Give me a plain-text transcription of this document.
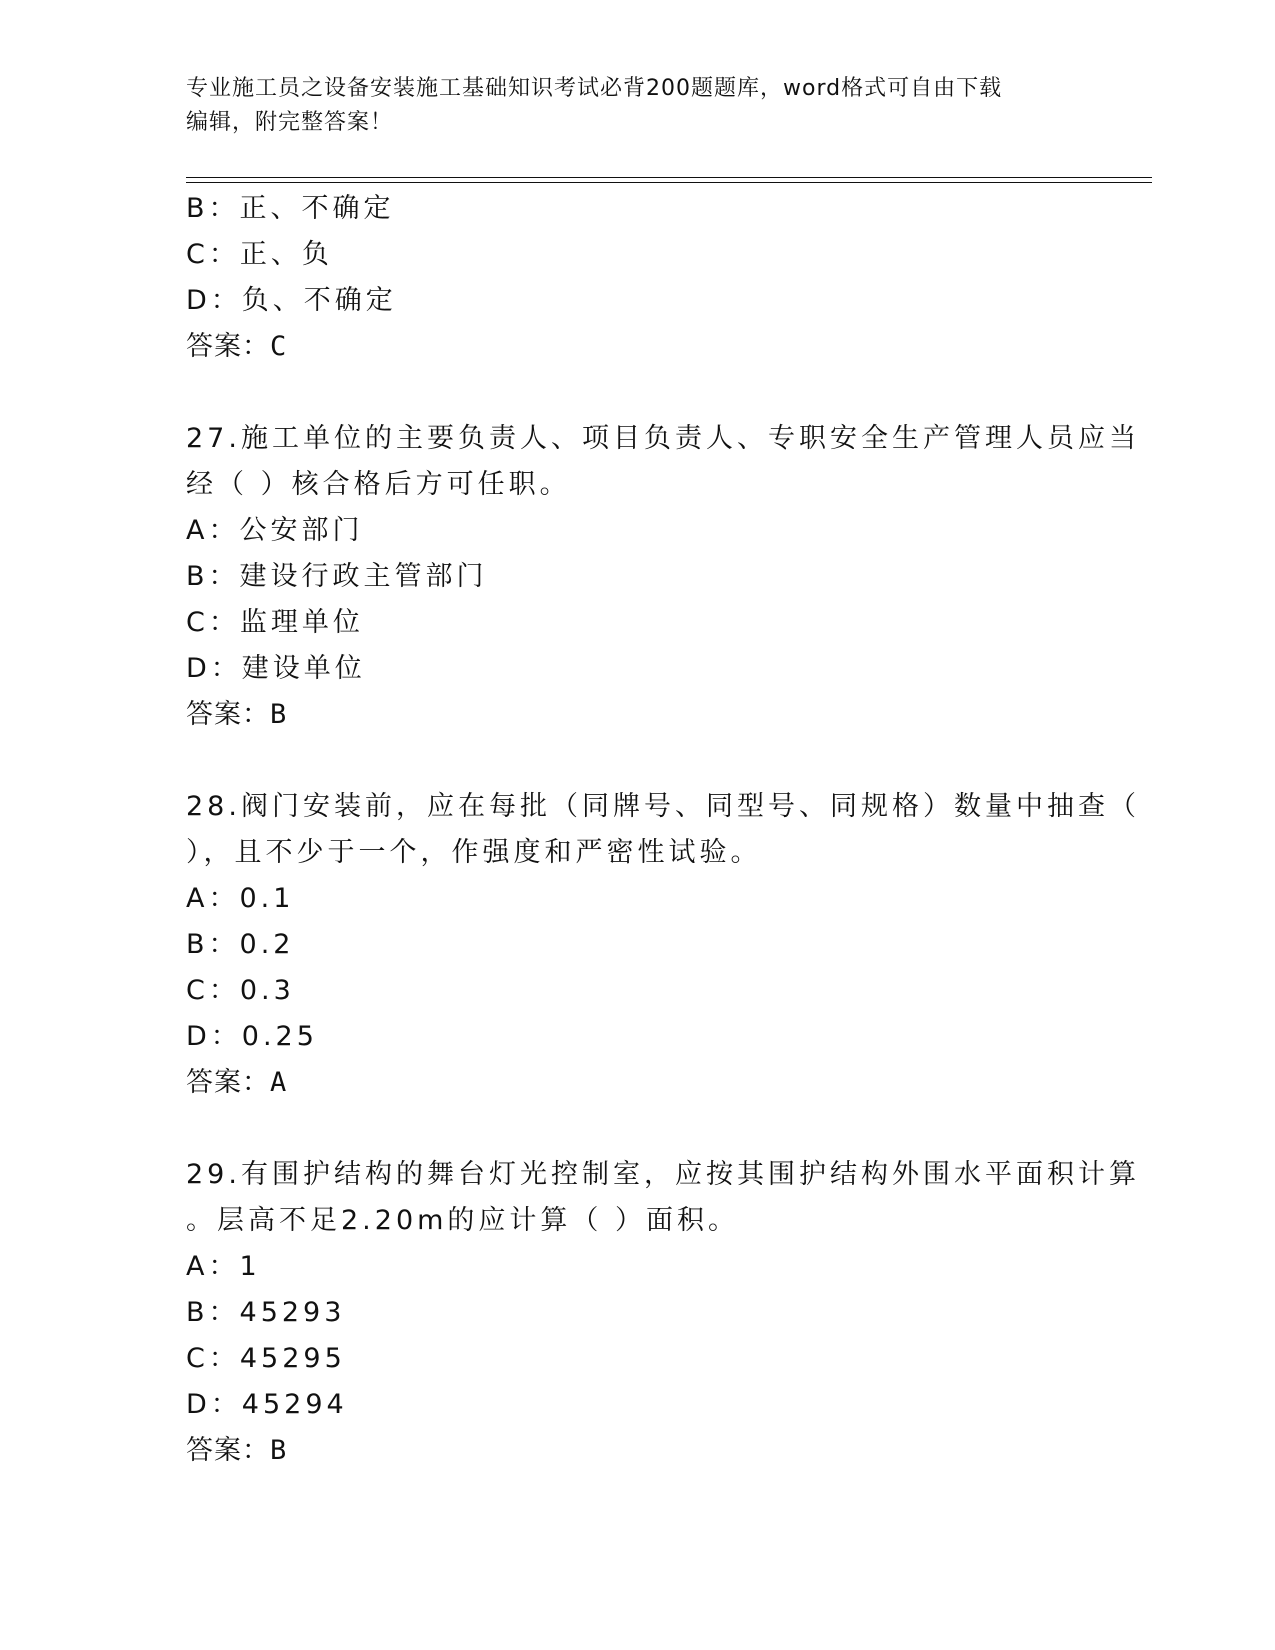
专业施工员之设备安装施工基础知识考试必背200题题库，word格式可自由下载
编辑，附完整答案！
B：正、不确定
C：正、负
D：负、不确定
答案：C
27.施工单位的主要负责人、项目负责人、专职安全生产管理人员应当
经（ ）核合格后方可任职。
A：公安部门
B：建设行政主管部门
C：监理单位
D：建设单位
答案：B
28.阀门安装前，应在每批（同牌号、同型号、同规格）数量中抽查（
），且不少于一个，作强度和严密性试验。
A：0.1
B：0.2
C：0.3
D：0.25
答案：A
29.有围护结构的舞台灯光控制室，应按其围护结构外围水平面积计算
。层高不足2.20m的应计算（ ）面积。
A：1
B：45293
C：45295
D：45294
答案：B
